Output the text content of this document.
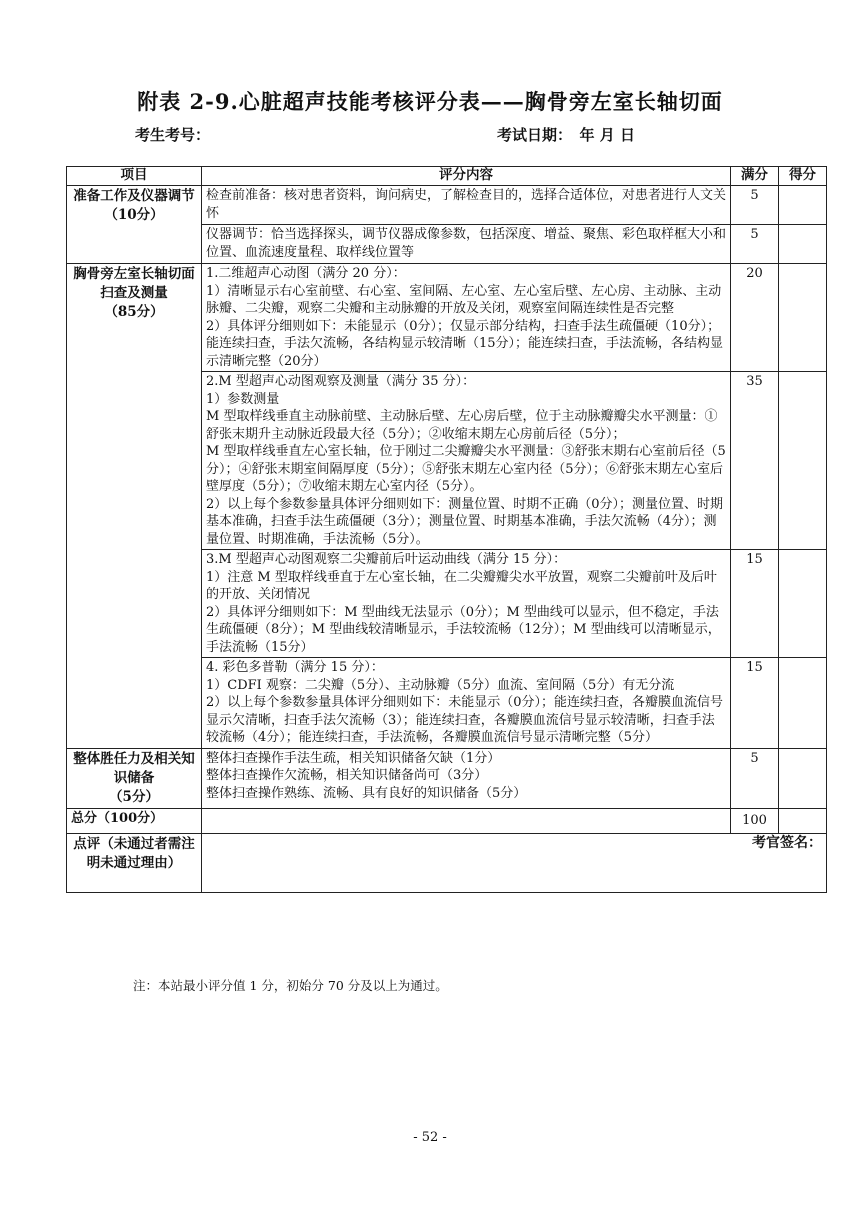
附表 2-9.心脏超声技能考核评分表——胸骨旁左室长轴切面
考生考号：	考试日期：　年 月 日
项目	评分内容	满分	得分
准备工作及仪器调节
（10分）	检查前准备：核对患者资料，询问病史，了解检查目的，选择合适体位，对患者进行人文关怀	5	
	仪器调节：恰当选择探头，调节仪器成像参数，包括深度、增益、聚焦、彩色取样框大小和位置、血流速度量程、取样线位置等	5	
胸骨旁左室长轴切面扫查及测量
（85分）	1.二维超声心动图（满分 20 分）：
1）清晰显示右心室前壁、右心室、室间隔、左心室、左心室后壁、左心房、主动脉、主动脉瓣、二尖瓣，观察二尖瓣和主动脉瓣的开放及关闭，观察室间隔连续性是否完整
2）具体评分细则如下：未能显示（0分）；仅显示部分结构，扫查手法生疏僵硬（10分）；能连续扫查，手法欠流畅，各结构显示较清晰（15分）；能连续扫查，手法流畅，各结构显示清晰完整（20分）	20	
	2.M 型超声心动图观察及测量（满分 35 分）：
1）参数测量
M 型取样线垂直主动脉前壁、主动脉后壁、左心房后壁，位于主动脉瓣瓣尖水平测量：①舒张末期升主动脉近段最大径（5分）；②收缩末期左心房前后径（5分）；
M 型取样线垂直左心室长轴，位于刚过二尖瓣瓣尖水平测量：③舒张末期右心室前后径（5分）；④舒张末期室间隔厚度（5分）；⑤舒张末期左心室内径（5分）；⑥舒张末期左心室后壁厚度（5分）；⑦收缩末期左心室内径（5分）。
2）以上每个参数参量具体评分细则如下：测量位置、时期不正确（0分）；测量位置、时期基本准确，扫查手法生疏僵硬（3分）；测量位置、时期基本准确，手法欠流畅（4分）；测量位置、时期准确，手法流畅（5分）。	35	
	3.M 型超声心动图观察二尖瓣前后叶运动曲线（满分 15 分）：
1）注意 M 型取样线垂直于左心室长轴，在二尖瓣瓣尖水平放置，观察二尖瓣前叶及后叶的开放、关闭情况
2）具体评分细则如下：M 型曲线无法显示（0分）；M 型曲线可以显示，但不稳定，手法生疏僵硬（8分）；M 型曲线较清晰显示，手法较流畅（12分）；M 型曲线可以清晰显示，手法流畅（15分）	15	
	4. 彩色多普勒（满分 15 分）：
1）CDFI 观察：二尖瓣（5分）、主动脉瓣（5分）血流、室间隔（5分）有无分流
2）以上每个参数参量具体评分细则如下：未能显示（0分）；能连续扫查，各瓣膜血流信号显示欠清晰，扫查手法欠流畅（3）；能连续扫查，各瓣膜血流信号显示较清晰，扫查手法较流畅（4分）；能连续扫查，手法流畅，各瓣膜血流信号显示清晰完整（5分）	15	
整体胜任力及相关知识储备
（5分）	整体扫查操作手法生疏，相关知识储备欠缺（1分）
整体扫查操作欠流畅，相关知识储备尚可（3分）
整体扫查操作熟练、流畅、具有良好的知识储备（5分）	5	
总分（100分）		100	
点评（未通过者需注明未通过理由）	考官签名：		
注：本站最小评分值 1 分，初始分 70 分及以上为通过。
- 52 -
